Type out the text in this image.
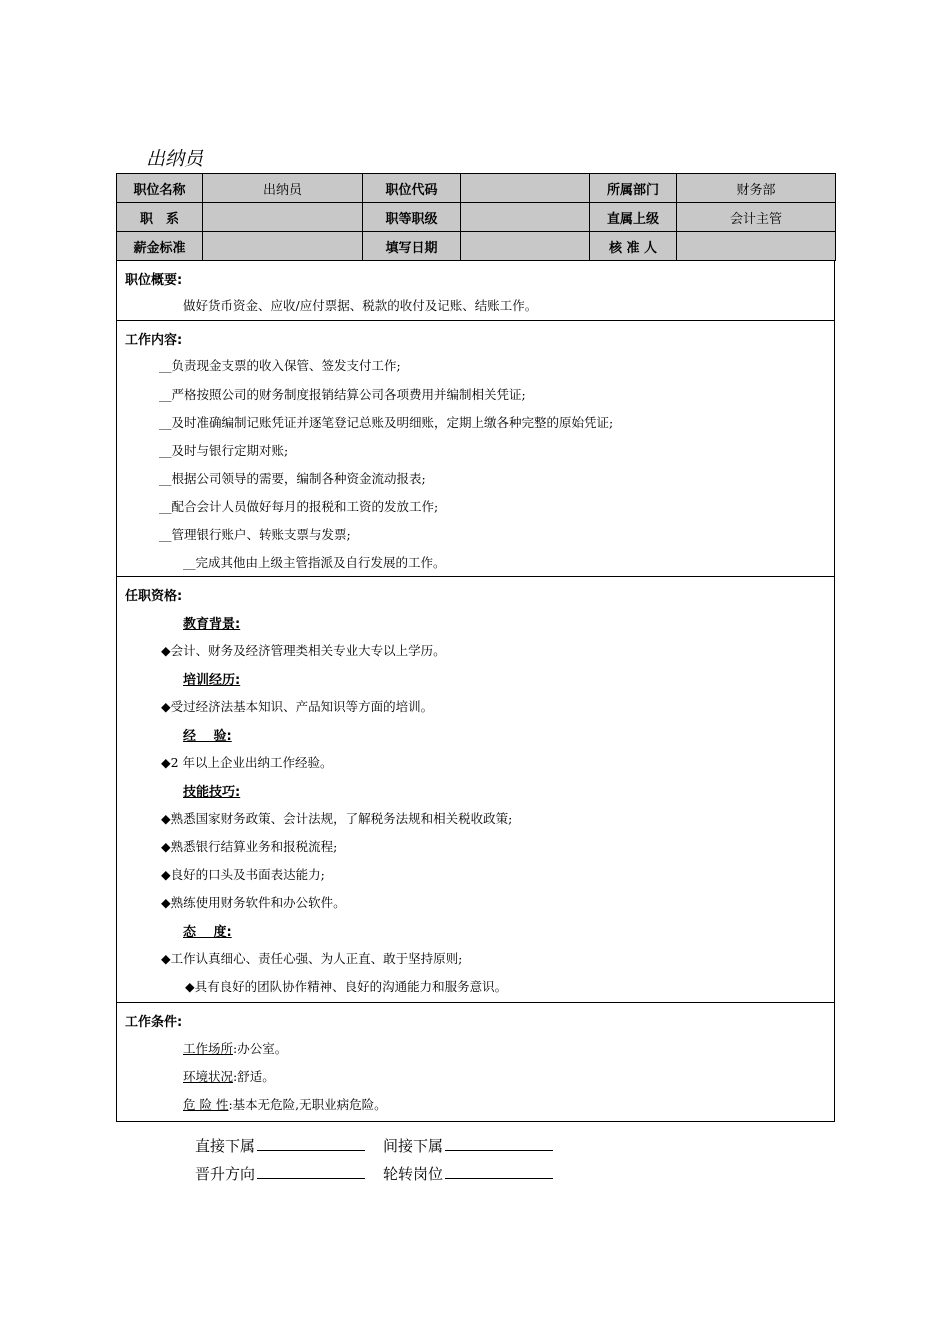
出纳员
职位名称	出纳员	职位代码		所属部门	财务部
职　系		职等职级		直属上级	会计主管
薪金标准		填写日期		核 准 人	
职位概要:
做好货币资金、应收/应付票据、税款的收付及记账、结账工作。
工作内容:
__负责现金支票的收入保管、签发支付工作;
__严格按照公司的财务制度报销结算公司各项费用并编制相关凭证;
__及时准确编制记账凭证并逐笔登记总账及明细账，定期上缴各种完整的原始凭证;
__及时与银行定期对账;
__根据公司领导的需要，编制各种资金流动报表;
__配合会计人员做好每月的报税和工资的发放工作;
__管理银行账户、转账支票与发票;
__完成其他由上级主管指派及自行发展的工作。
任职资格:
教育背景:
◆会计、财务及经济管理类相关专业大专以上学历。
培训经历:
◆受过经济法基本知识、产品知识等方面的培训。
经　 验:
◆2 年以上企业出纳工作经验。
技能技巧:
◆熟悉国家财务政策、会计法规，了解税务法规和相关税收政策;
◆熟悉银行结算业务和报税流程;
◆良好的口头及书面表达能力;
◆熟练使用财务软件和办公软件。
态　 度:
◆工作认真细心、责任心强、为人正直、敢于坚持原则;
◆具有良好的团队协作精神、良好的沟通能力和服务意识。
工作条件:
工作场所:办公室。
环境状况:舒适。
危 险 性:基本无危险,无职业病危险。
直接下属	间接下属
晋升方向	轮转岗位
